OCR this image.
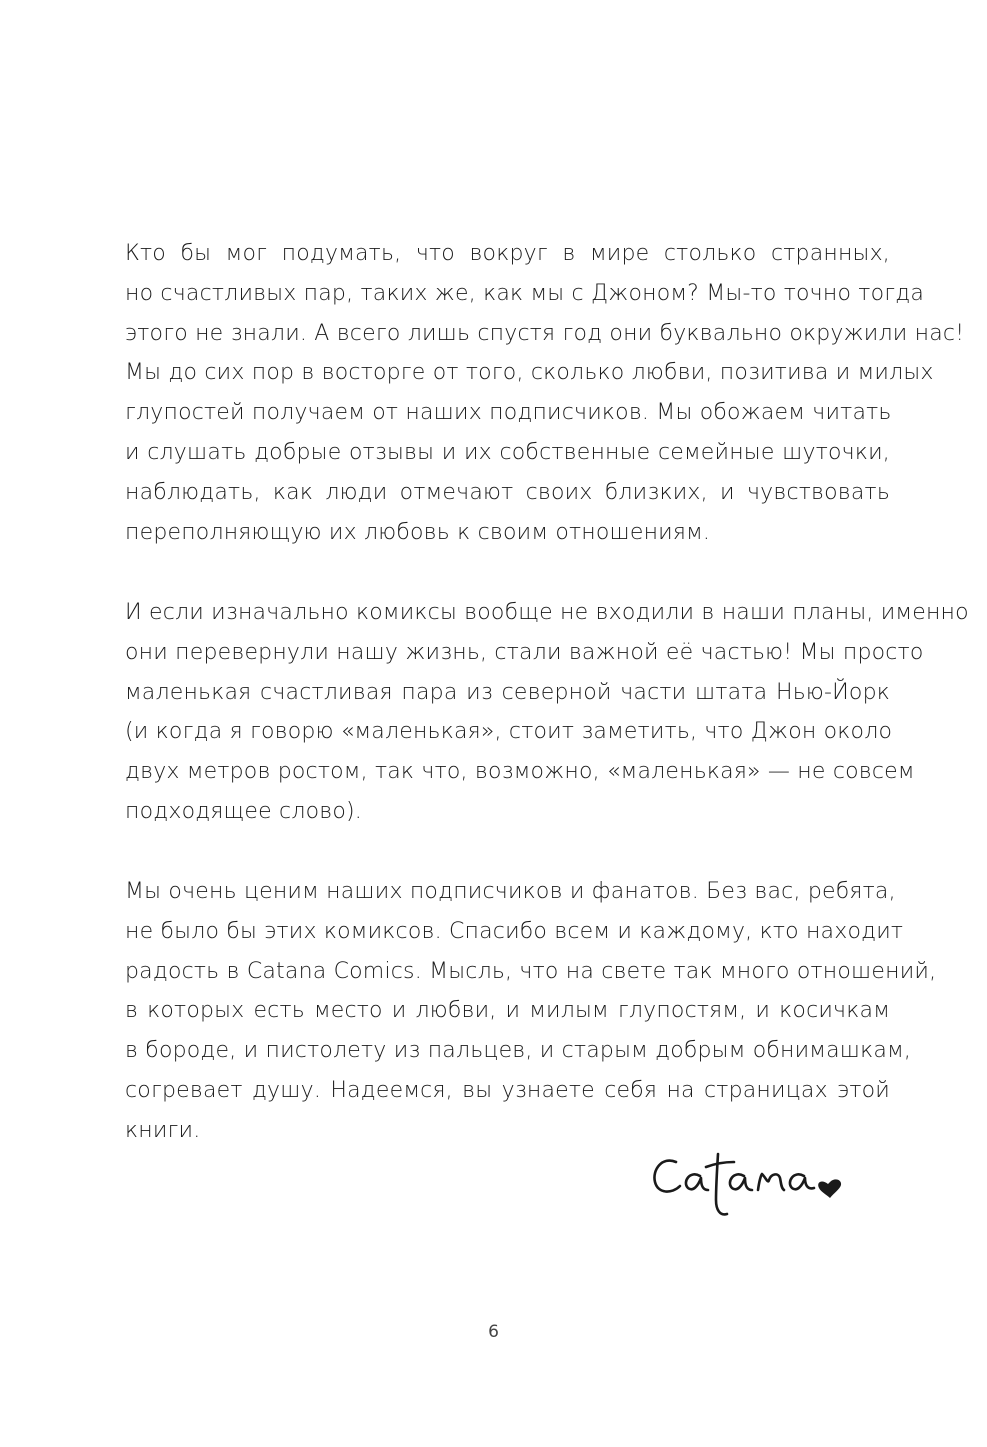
Кто бы мог подумать, что вокруг в мире столько странных,
но счастливых пар, таких же, как мы с Джоном? Мы-то точно тогда
этого не знали. А всего лишь спустя год они буквально окружили нас!
Мы до сих пор в восторге от того, сколько любви, позитива и милых
глупостей получаем от наших подписчиков. Мы обожаем читать
и слушать добрые отзывы и их собственные семейные шуточки,
наблюдать, как люди отмечают своих близких, и чувствовать
переполняющую их любовь к своим отношениям.
И если изначально комиксы вообще не входили в наши планы, именно
они перевернули нашу жизнь, стали важной её частью! Мы просто
маленькая счастливая пара из северной части штата Нью-Йорк
(и когда я говорю «маленькая», стоит заметить, что Джон около
двух метров ростом, так что, возможно, «маленькая» — не совсем
подходящее слово).
Мы очень ценим наших подписчиков и фанатов. Без вас, ребята,
не было бы этих комиксов. Спасибо всем и каждому, кто находит
радость в Catana Comics. Мысль, что на свете так много отношений,
в которых есть место и любви, и милым глупостям, и косичкам
в бороде, и пистолету из пальцев, и старым добрым обнимашкам,
согревает душу. Надеемся, вы узнаете себя на страницах этой
книги.
6
